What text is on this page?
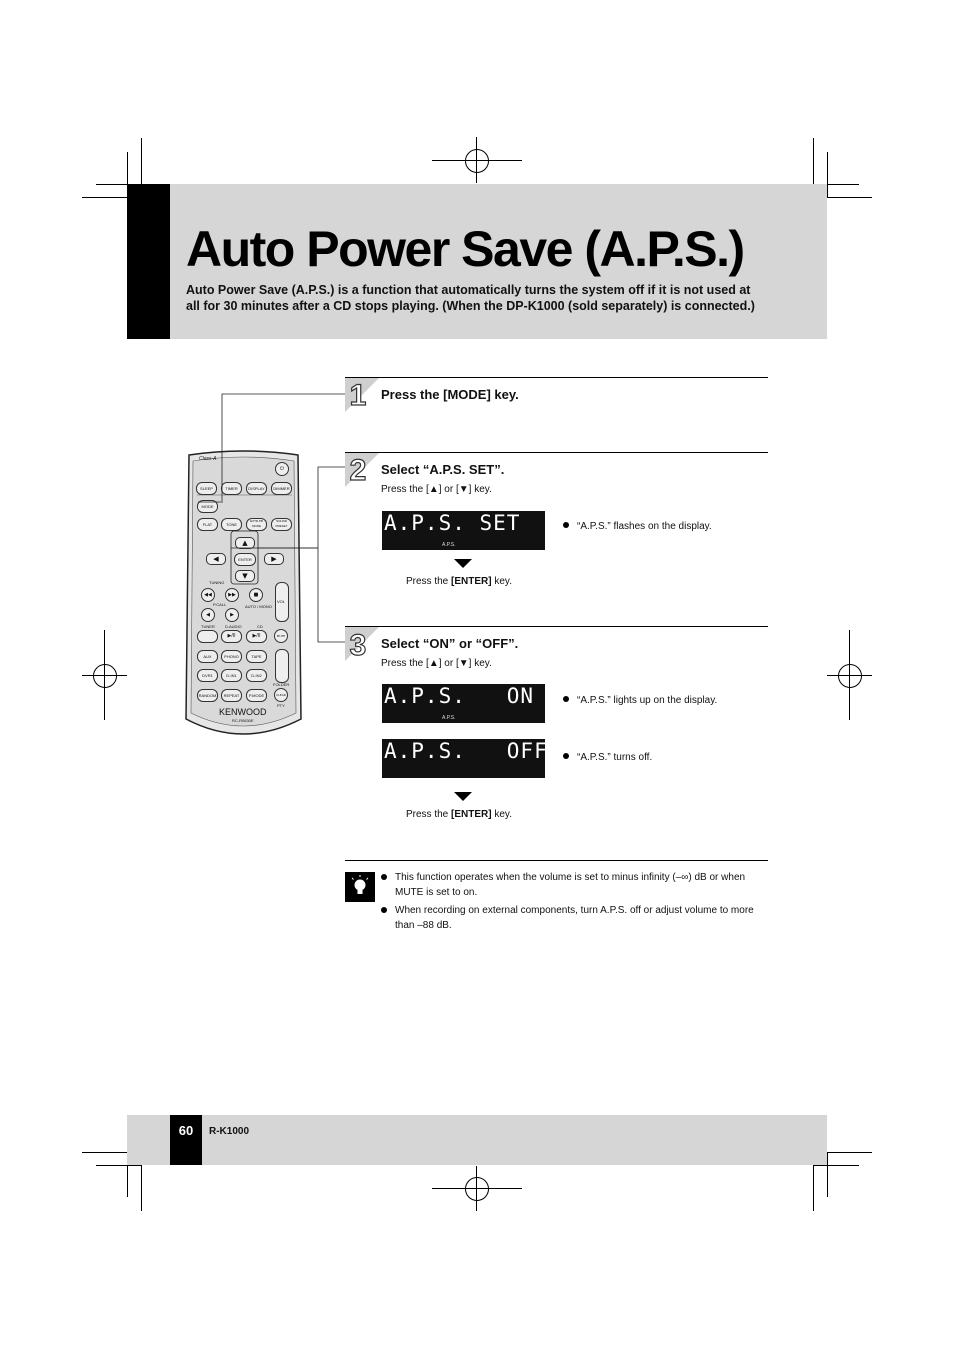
Auto Power Save (A.P.S.)
Auto Power Save (A.P.S.) is a function that automatically turns the system off if it is not used at all for 30 minutes after a CD stops playing. (When the DP-K1000 (sold separately) is connected.)
Class-A
⏻
SLEEP	TIMER	DISPLAY	DIMMER
MODE
FLAT	TONE
EXTR.PB MODE
SOUND PRESET
▲
◀	ENTER	▶
▼
TUNING
◀◀	▶▶	■
P.CALL
◀	▶
AUTO / MONO
VOL
TUNER	D.AUDIO	CD
▶/II	▶/II	MUTE
AUX	PHONO	TAPE
DVR1	D-IN1	D-IN2
FOLDER
RANDOM	REPEAT	P.MODE	CLEAR
PTY
KENWOOD
RC-R0830E
1	Press the [MODE] key.
2	Select “A.P.S. SET”.
Press the [▲] or [▼] key.
A.P.S. SET
A.P.S.
“A.P.S.” flashes on the display.
Press the [ENTER] key.
3	Select “ON” or “OFF”.
Press the [▲] or [▼] key.
A.P.S.   ON
A.P.S.
“A.P.S.” lights up on the display.
A.P.S.   OFF	“A.P.S.” turns off.
Press the [ENTER] key.
This function operates when the volume is set to minus infinity (–∞) dB or when MUTE is set to on.
When recording on external components, turn A.P.S. off or adjust volume to more than –88 dB.
60	R-K1000
